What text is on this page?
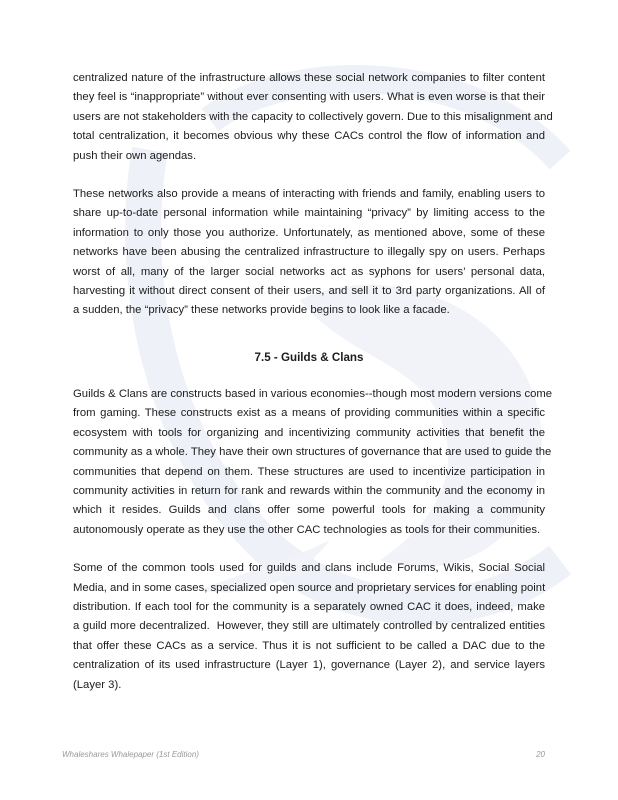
centralized nature of the infrastructure allows these social network companies to filter content
they feel is “inappropriate” without ever consenting with users. What is even worse is that their
users are not stakeholders with the capacity to collectively govern. Due to this misalignment and
total centralization, it becomes obvious why these CACs control the flow of information and
push their own agendas.

These networks also provide a means of interacting with friends and family, enabling users to
share up-to-date personal information while maintaining “privacy” by limiting access to the
information to only those you authorize. Unfortunately, as mentioned above, some of these
networks have been abusing the centralized infrastructure to illegally spy on users. Perhaps
worst of all, many of the larger social networks act as syphons for users’ personal data,
harvesting it without direct consent of their users, and sell it to 3rd party organizations. All of
a sudden, the “privacy” these networks provide begins to look like a facade.

7.5 - Guilds & Clans

Guilds & Clans are constructs based in various economies--though most modern versions come
from gaming. These constructs exist as a means of providing communities within a specific
ecosystem with tools for organizing and incentivizing community activities that benefit the
community as a whole. They have their own structures of governance that are used to guide the
communities that depend on them. These structures are used to incentivize participation in
community activities in return for rank and rewards within the community and the economy in
which it resides. Guilds and clans offer some powerful tools for making a community
autonomously operate as they use the other CAC technologies as tools for their communities.

Some of the common tools used for guilds and clans include Forums, Wikis, Social Social
Media, and in some cases, specialized open source and proprietary services for enabling point
distribution. If each tool for the community is a separately owned CAC it does, indeed, make
a guild more decentralized.  However, they still are ultimately controlled by centralized entities
that offer these CACs as a service. Thus it is not sufficient to be called a DAC due to the
centralization of its used infrastructure (Layer 1), governance (Layer 2), and service layers
(Layer 3).

Whaleshares Whalepaper (1st Edition)	20
